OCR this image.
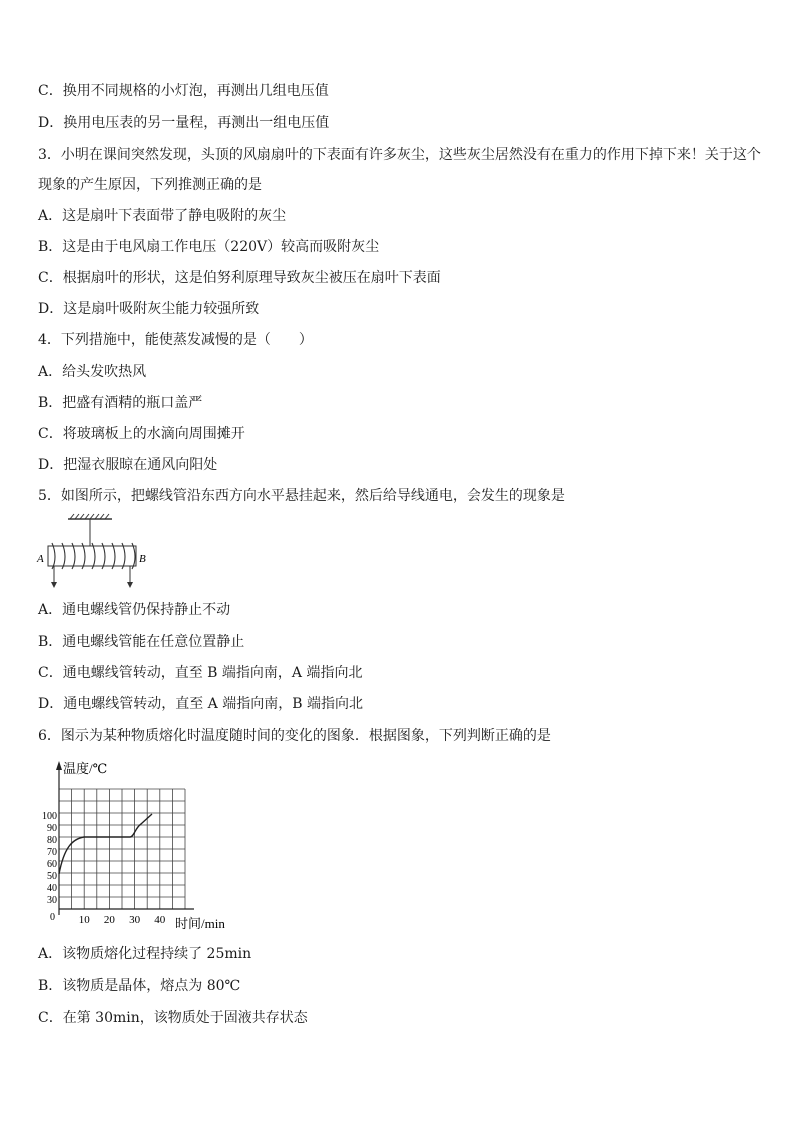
C．换用不同规格的小灯泡，再测出几组电压值
D．换用电压表的另一量程，再测出一组电压值
3．小明在课间突然发现，头顶的风扇扇叶的下表面有许多灰尘，这些灰尘居然没有在重力的作用下掉下来！关于这个
现象的产生原因，下列推测正确的是
A．这是扇叶下表面带了静电吸附的灰尘
B．这是由于电风扇工作电压（220V）较高而吸附灰尘
C．根据扇叶的形状，这是伯努利原理导致灰尘被压在扇叶下表面
D．这是扇叶吸附灰尘能力较强所致
4．下列措施中，能使蒸发减慢的是（　　）
A．给头发吹热风
B．把盛有酒精的瓶口盖严
C．将玻璃板上的水滴向周围摊开
D．把湿衣服晾在通风向阳处
5．如图所示，把螺线管沿东西方向水平悬挂起来，然后给导线通电，会发生的现象是
A．通电螺线管仍保持静止不动
B．通电螺线管能在任意位置静止
C．通电螺线管转动，直至 B 端指向南，A 端指向北
D．通电螺线管转动，直至 A 端指向南，B 端指向北
6．图示为某种物质熔化时温度随时间的变化的图象．根据图象，下列判断正确的是
A．该物质熔化过程持续了 25min
B．该物质是晶体，熔点为 80℃
C．在第 30min，该物质处于固液共存状态
A	B
温度/℃
时间/min
0
100
90
80
70
60
50
40
30
10 20 30 40
